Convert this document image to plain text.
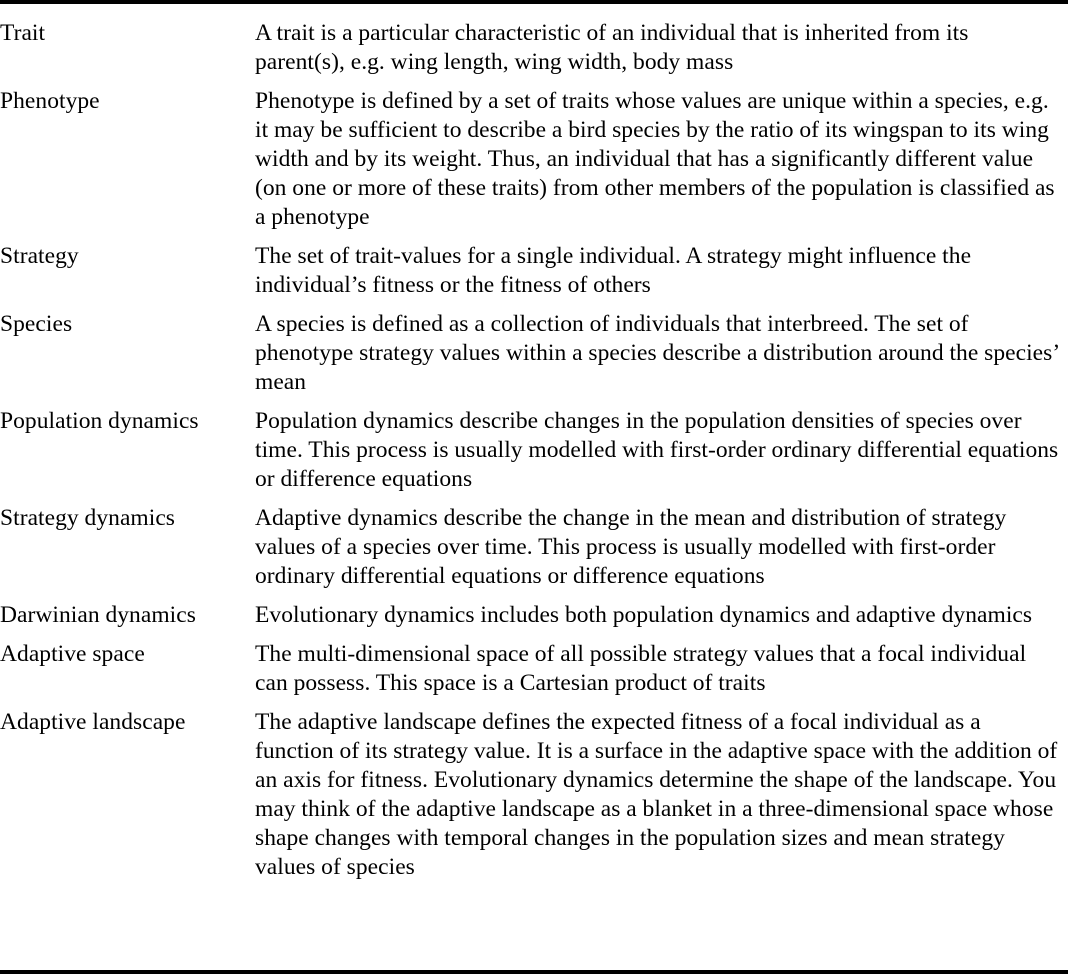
Trait	A trait is a particular characteristic of an individual that is inherited from its parent(s), e.g. wing length, wing width, body mass

Phenotype	Phenotype is defined by a set of traits whose values are unique within a species, e.g. it may be sufficient to describe a bird species by the ratio of its wingspan to its wing width and by its weight. Thus, an individual that has a significantly different value (on one or more of these traits) from other members of the population is classified as a phenotype

Strategy	The set of trait-values for a single individual. A strategy might influence the individual’s fitness or the fitness of others

Species	A species is defined as a collection of individuals that interbreed. The set of phenotype strategy values within a species describe a distribution around the species’ mean

Population dynamics	Population dynamics describe changes in the population densities of species over time. This process is usually modelled with first-order ordinary differential equations or difference equations

Strategy dynamics	Adaptive dynamics describe the change in the mean and distribution of strategy values of a species over time. This process is usually modelled with first-order ordinary differential equations or difference equations

Darwinian dynamics	Evolutionary dynamics includes both population dynamics and adaptive dynamics

Adaptive space	The multi-dimensional space of all possible strategy values that a focal individual can possess. This space is a Cartesian product of traits

Adaptive landscape	The adaptive landscape defines the expected fitness of a focal individual as a function of its strategy value. It is a surface in the adaptive space with the addition of an axis for fitness. Evolutionary dynamics determine the shape of the landscape. You may think of the adaptive landscape as a blanket in a three-dimensional space whose shape changes with temporal changes in the population sizes and mean strategy values of species
